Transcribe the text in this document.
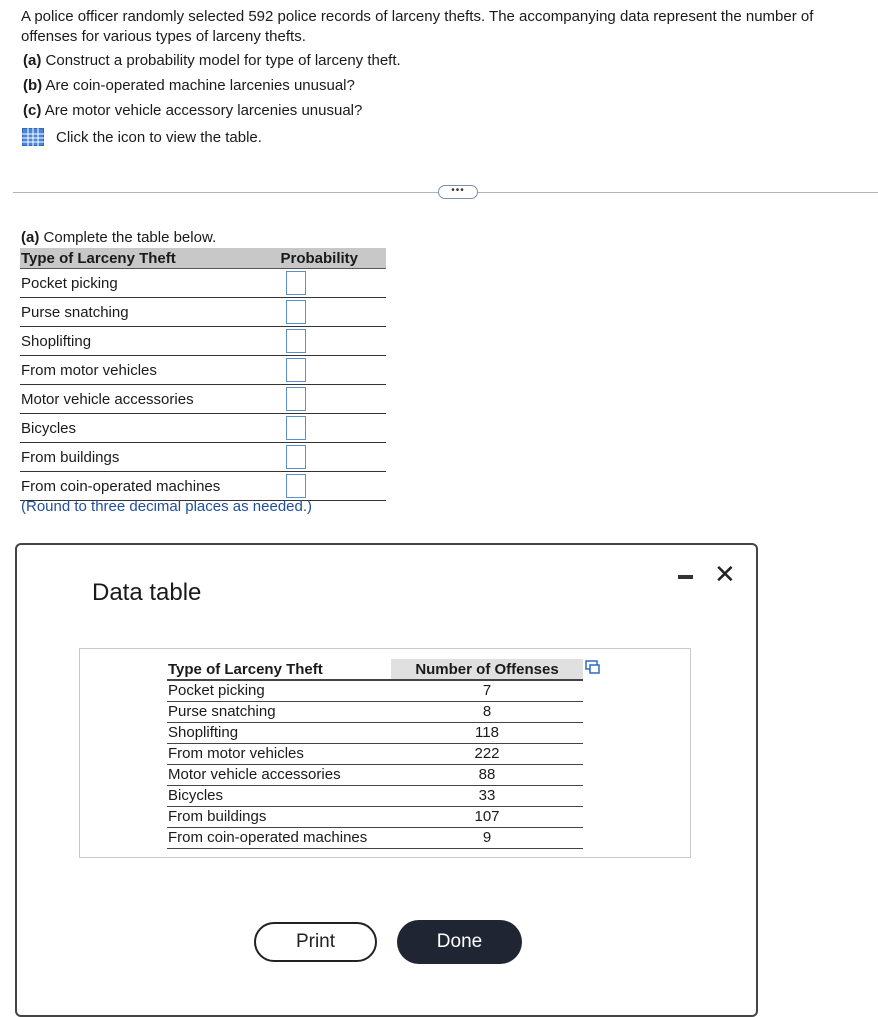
A police officer randomly selected 592 police records of larceny thefts. The accompanying data represent the number of

offenses for various types of larceny thefts.

(a) Construct a probability model for type of larceny theft.
(b) Are coin-operated machine larcenies unusual?
(c) Are motor vehicle accessory larcenies unusual?
Click the icon to view the table.
•••
(a) Complete the table below.
Type of Larceny Theft	Probability
Pocket picking	
Purse snatching	
Shoplifting	
From motor vehicles	
Motor vehicle accessories	
Bicycles	
From buildings	
From coin-operated machines	
(Round to three decimal places as needed.)
Data table
✕
Type of Larceny Theft	Number of Offenses
Pocket picking	7
Purse snatching	8
Shoplifting	118
From motor vehicles	222
Motor vehicle accessories	88
Bicycles	33
From buildings	107
From coin-operated machines	9
Print	Done
